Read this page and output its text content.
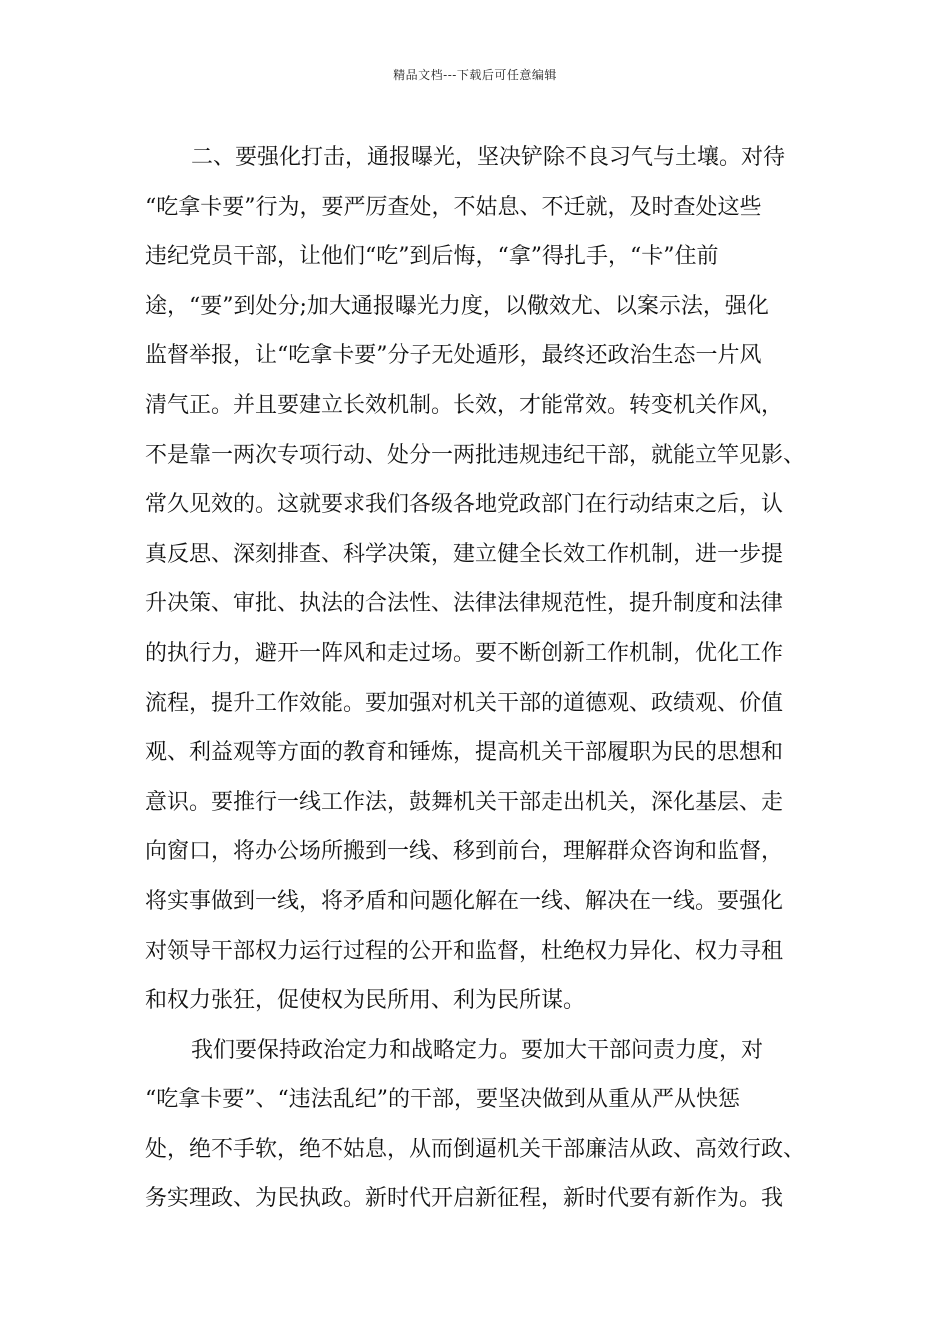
精品文档---下载后可任意编辑
二、要强化打击，通报曝光，坚决铲除不良习气与土壤。对待
“吃拿卡要”行为，要严厉查处，不姑息、不迁就，及时查处这些
违纪党员干部，让他们“吃”到后悔，“拿”得扎手，“卡”住前
途，“要”到处分;加大通报曝光力度，以儆效尤、以案示法，强化
监督举报，让“吃拿卡要”分子无处遁形，最终还政治生态一片风
清气正。并且要建立长效机制。长效，才能常效。转变机关作风，
不是靠一两次专项行动、处分一两批违规违纪干部，就能立竿见影、
常久见效的。这就要求我们各级各地党政部门在行动结束之后，认
真反思、深刻排查、科学决策，建立健全长效工作机制，进一步提
升决策、审批、执法的合法性、法律法律规范性，提升制度和法律
的执行力，避开一阵风和走过场。要不断创新工作机制，优化工作
流程，提升工作效能。要加强对机关干部的道德观、政绩观、价值
观、利益观等方面的教育和锤炼，提高机关干部履职为民的思想和
意识。要推行一线工作法，鼓舞机关干部走出机关，深化基层、走
向窗口，将办公场所搬到一线、移到前台，理解群众咨询和监督，
将实事做到一线，将矛盾和问题化解在一线、解决在一线。要强化
对领导干部权力运行过程的公开和监督，杜绝权力异化、权力寻租
和权力张狂，促使权为民所用、利为民所谋。
我们要保持政治定力和战略定力。要加大干部问责力度，对
“吃拿卡要”、“违法乱纪”的干部，要坚决做到从重从严从快惩
处，绝不手软，绝不姑息，从而倒逼机关干部廉洁从政、高效行政、
务实理政、为民执政。新时代开启新征程，新时代要有新作为。我
